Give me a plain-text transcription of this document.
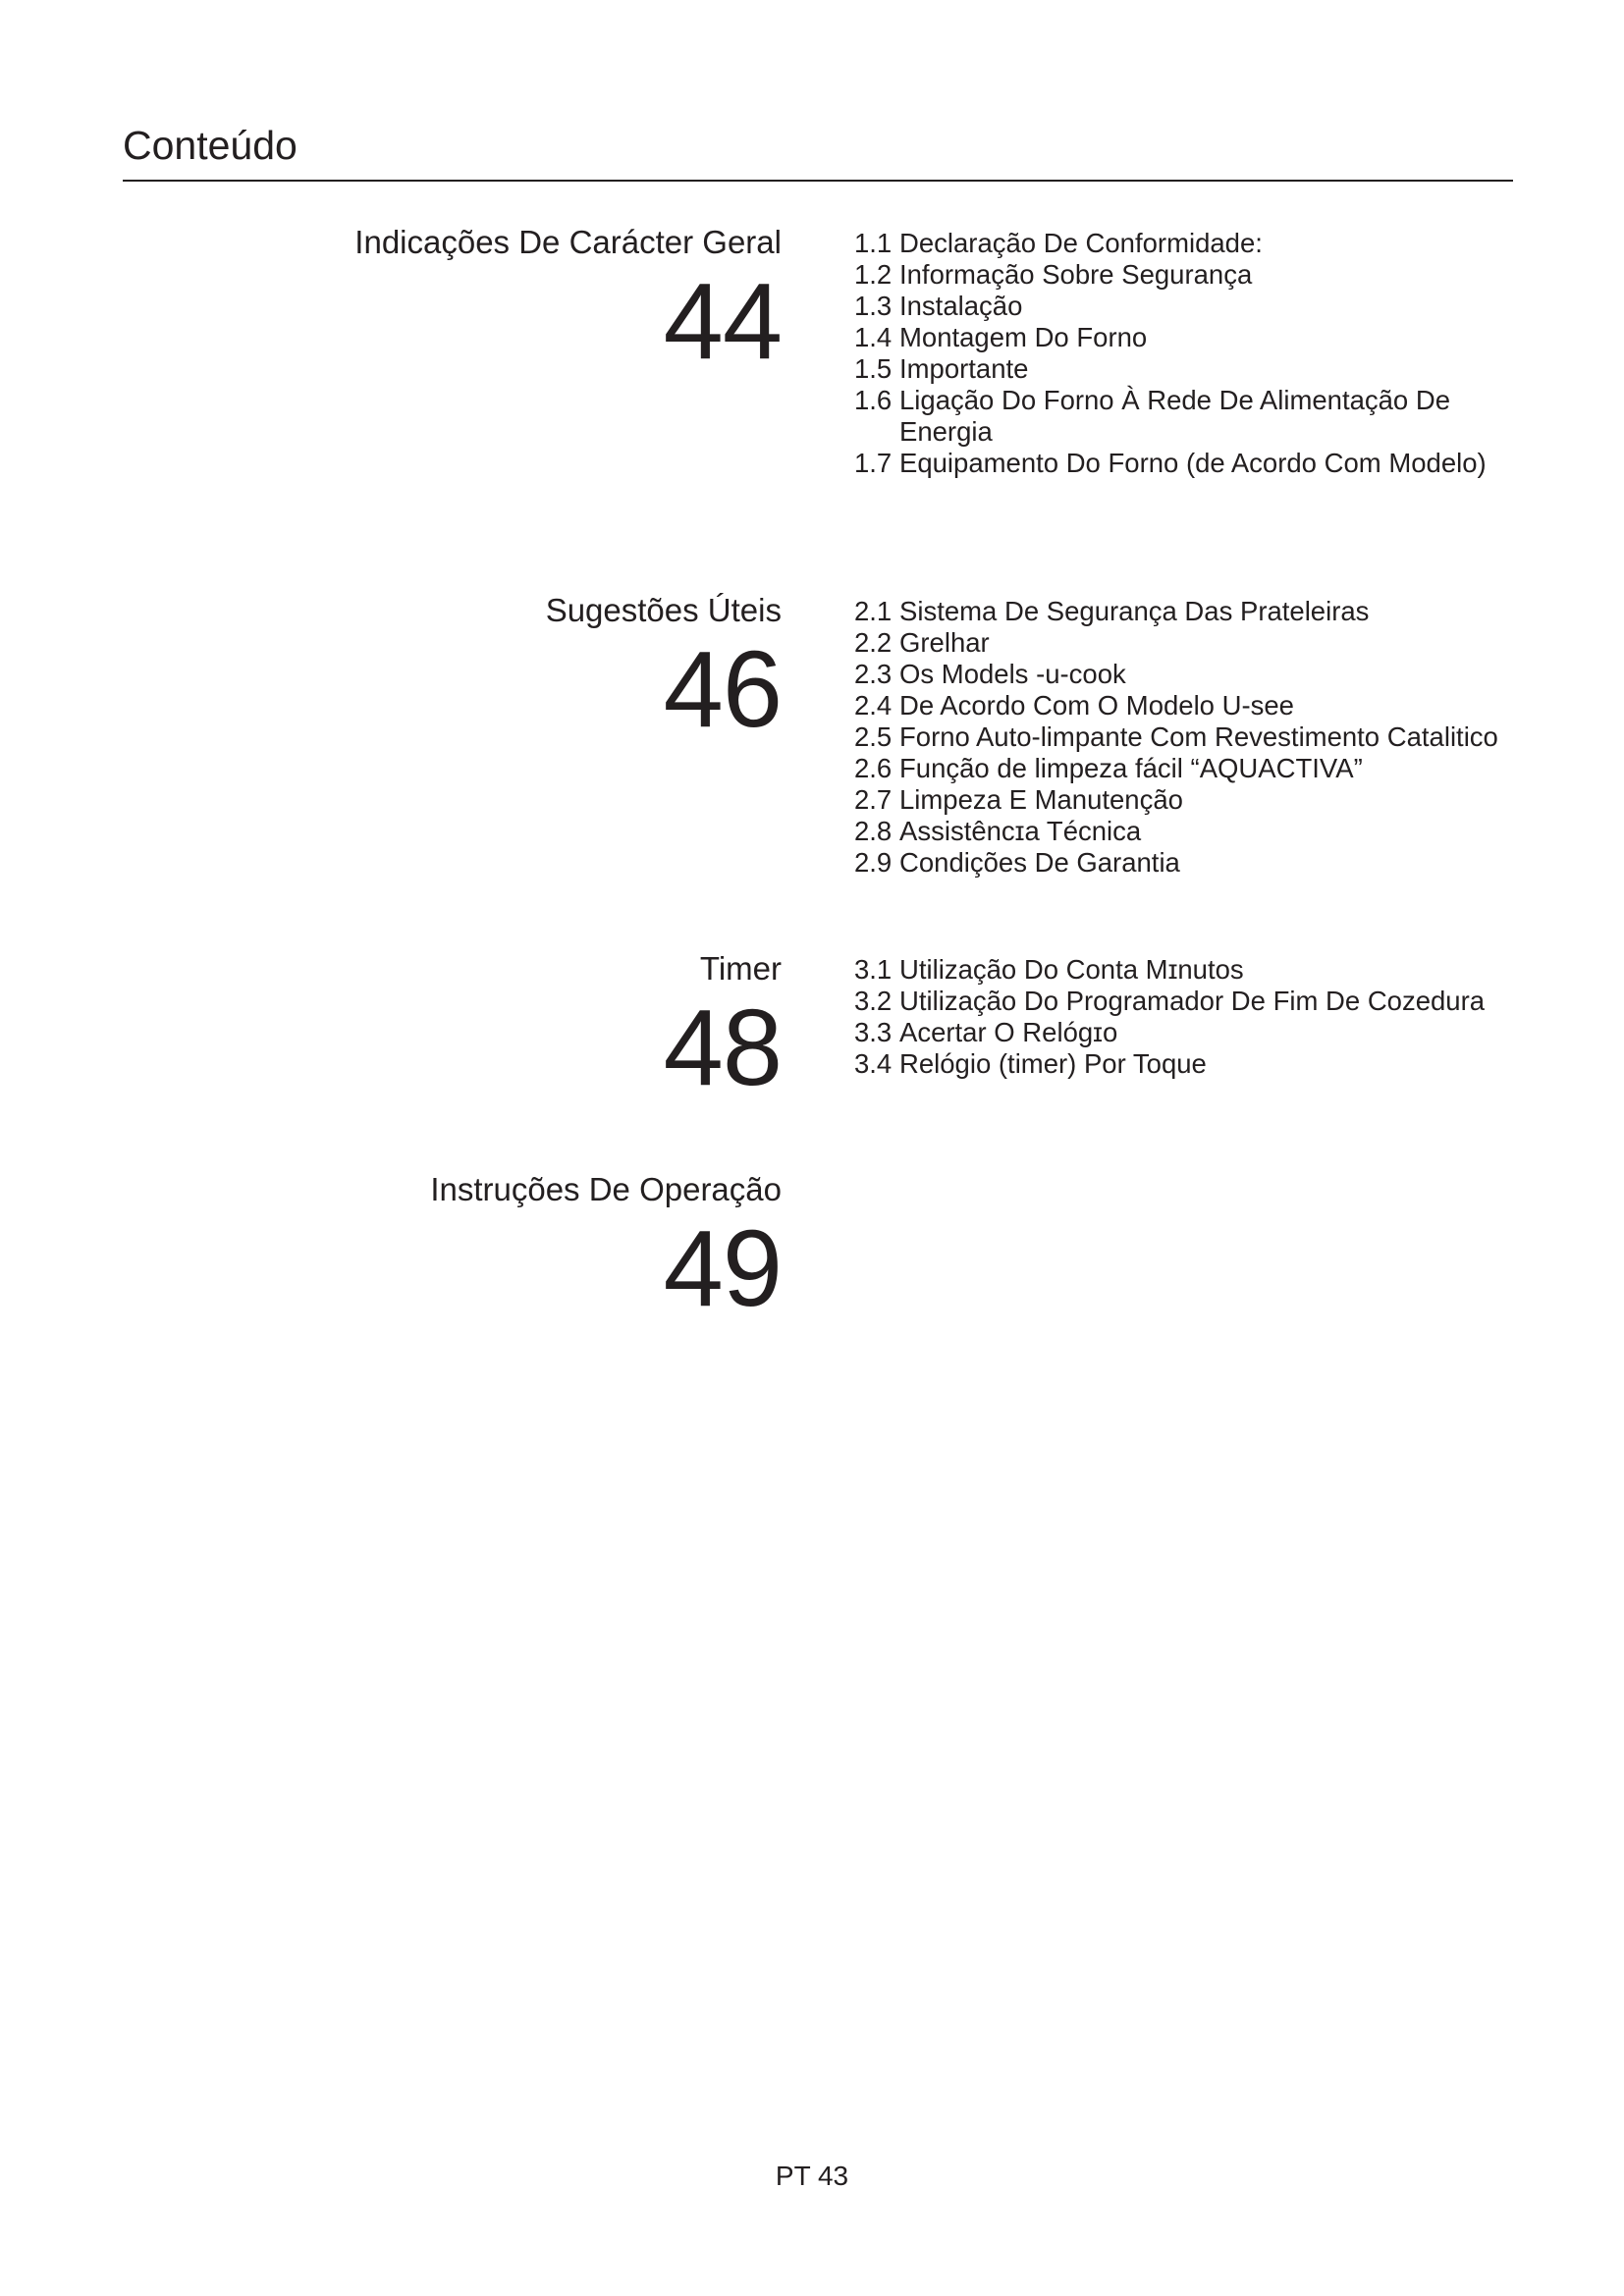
Conteúdo
Indicações De Carácter Geral
44
1.1 Declaração De Conformidade:
1.2 Informação Sobre Segurança
1.3 Instalação
1.4 Montagem Do Forno
1.5 Importante
1.6 Ligação Do Forno À Rede De Alimentação De Energia
1.7 Equipamento Do Forno (de Acordo Com Modelo)
Sugestões Úteis
46
2.1 Sistema De Segurança Das Prateleiras
2.2 Grelhar
2.3 Os Models -u-cook
2.4 De Acordo Com O Modelo U-see
2.5 Forno Auto-limpante Com Revestimento Catalitico
2.6 Função de limpeza fácil “AQUACTIVA”
2.7 Limpeza E Manutenção
2.8 Assistêncɪa Técnica
2.9 Condições De Garantia
Timer
48
3.1 Utilização Do Conta Mɪnutos
3.2 Utilização Do Programador De Fim De Cozedura
3.3 Acertar O Relógɪo
3.4 Relógio (timer) Por Toque
Instruções De Operação
49
PT 43
